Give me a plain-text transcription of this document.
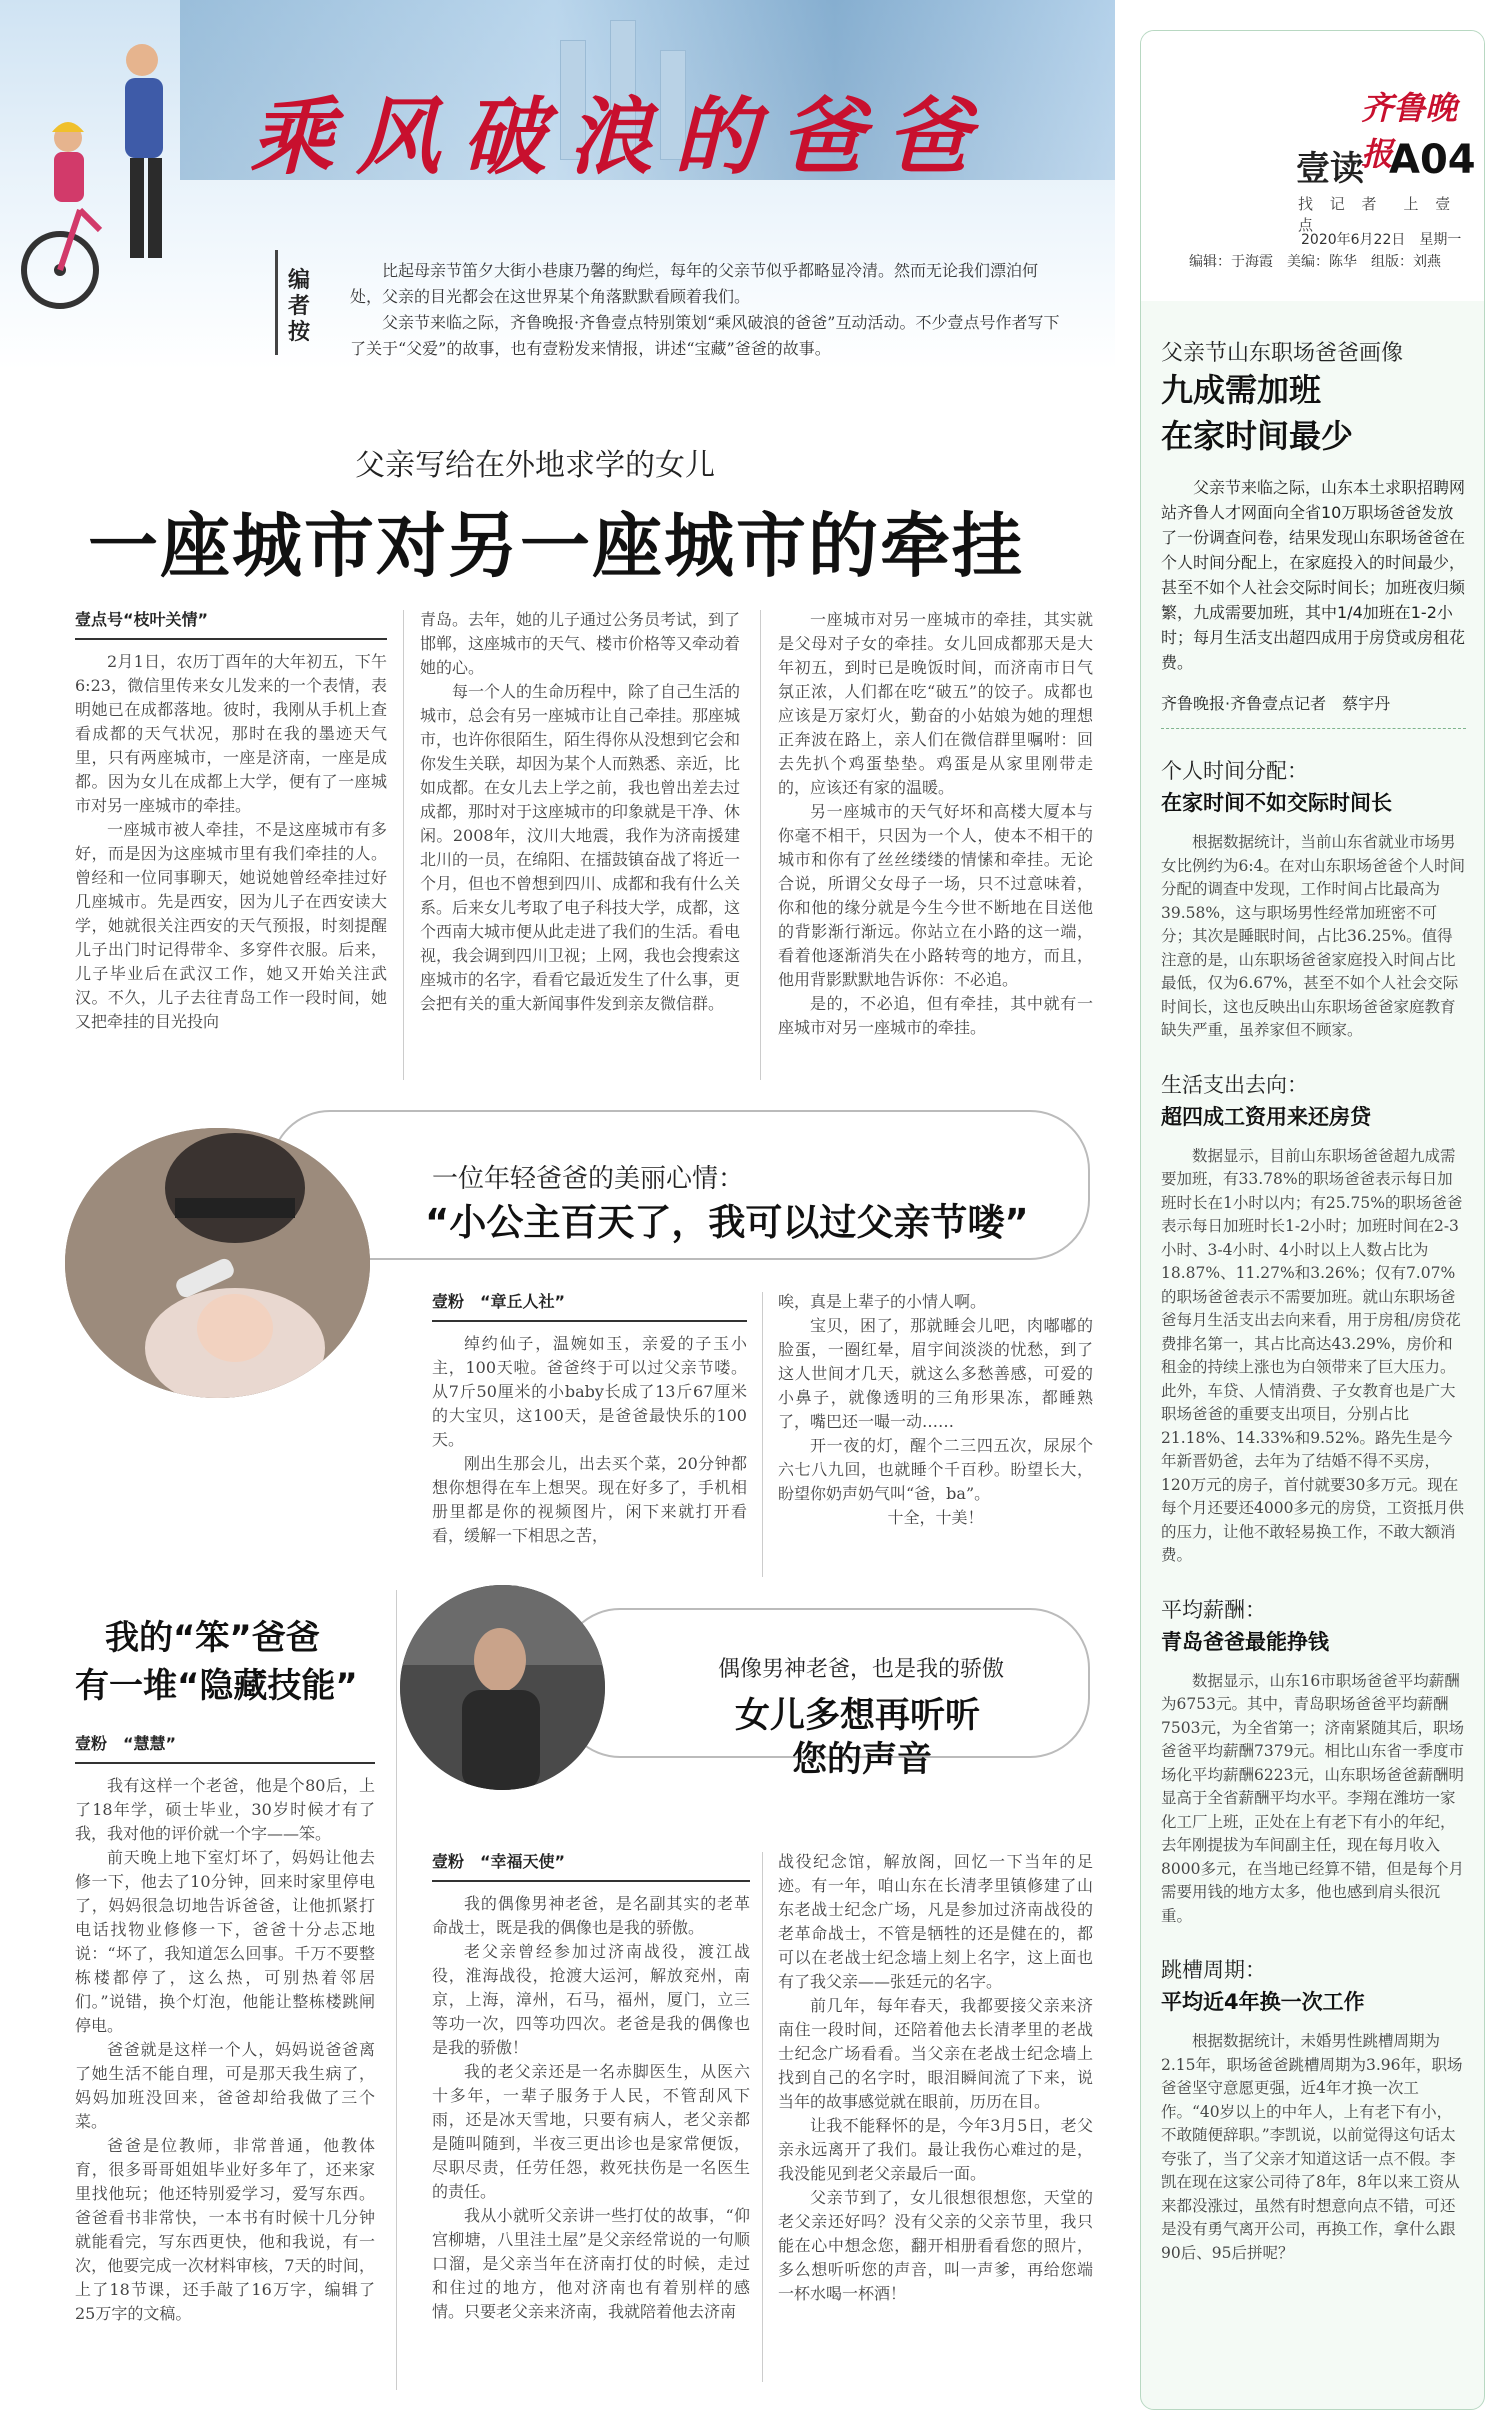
乘风破浪的爸爸
编者按

比起母亲节笛夕大街小巷康乃馨的绚烂，每年的父亲节似乎都略显冷清。然而无论我们漂泊何处，父亲的目光都会在这世界某个角落默默看顾着我们。

父亲节来临之际，齐鲁晚报·齐鲁壹点特别策划“乘风破浪的爸爸”互动活动。不少壹点号作者写下了关于“父爱”的故事，也有壹粉发来情报，讲述“宝藏”爸爸的故事。

齐鲁晚报
壹读 A04
找 记 者　上 壹 点
2020年6月22日　星期一
编辑：于海霞　美编：陈华　组版：刘燕
父亲节山东职场爸爸画像
九成需加班
在家时间最少
父亲节来临之际，山东本土求职招聘网站齐鲁人才网面向全省10万职场爸爸发放了一份调查问卷，结果发现山东职场爸爸在个人时间分配上，在家庭投入的时间最少，甚至不如个人社会交际时间长；加班夜归频繁，九成需要加班，其中1/4加班在1-2小时；每月生活支出超四成用于房贷或房租花费。
齐鲁晚报·齐鲁壹点记者　蔡宇丹
个人时间分配：
在家时间不如交际时间长

根据数据统计，当前山东省就业市场男女比例约为6:4。在对山东职场爸爸个人时间分配的调查中发现，工作时间占比最高为39.58%，这与职场男性经常加班密不可分；其次是睡眠时间，占比36.25%。值得注意的是，山东职场爸爸家庭投入时间占比最低，仅为6.67%，甚至不如个人社会交际时间长，这也反映出山东职场爸爸家庭教育缺失严重，虽养家但不顾家。

生活支出去向：
超四成工资用来还房贷

数据显示，目前山东职场爸爸超九成需要加班，有33.78%的职场爸爸表示每日加班时长在1小时以内；有25.75%的职场爸爸表示每日加班时长1-2小时；加班时间在2-3小时、3-4小时、4小时以上人数占比为18.87%、11.27%和3.26%；仅有7.07%的职场爸爸表示不需要加班。就山东职场爸爸每月生活支出去向来看，用于房租/房贷花费排名第一，其占比高达43.29%，房价和租金的持续上涨也为白领带来了巨大压力。此外，车贷、人情消费、子女教育也是广大职场爸爸的重要支出项目，分别占比21.18%、14.33%和9.52%。路先生是今年新晋奶爸，去年为了结婚不得不买房，120万元的房子，首付就要30多万元。现在每个月还要还4000多元的房贷，工资抵月供的压力，让他不敢轻易换工作，不敢大额消费。

平均薪酬：
青岛爸爸最能挣钱

数据显示，山东16市职场爸爸平均薪酬为6753元。其中，青岛职场爸爸平均薪酬7503元，为全省第一；济南紧随其后，职场爸爸平均薪酬7379元。相比山东省一季度市场化平均薪酬6223元，山东职场爸爸薪酬明显高于全省薪酬平均水平。李翔在潍坊一家化工厂上班，正处在上有老下有小的年纪，去年刚提拔为车间副主任，现在每月收入8000多元，在当地已经算不错，但是每个月需要用钱的地方太多，他也感到肩头很沉重。

跳槽周期：
平均近4年换一次工作

根据数据统计，未婚男性跳槽周期为2.15年，职场爸爸跳槽周期为3.96年，职场爸爸坚守意愿更强，近4年才换一次工作。“40岁以上的中年人，上有老下有小，不敢随便辞职。”李凯说，以前觉得这句话太夸张了，当了父亲才知道这话一点不假。李凯在现在这家公司待了8年，8年以来工资从来都没涨过，虽然有时想意向点不错，可还是没有勇气离开公司，再换工作，拿什么跟90后、95后拼呢？

父亲写给在外地求学的女儿
一座城市对另一座城市的牵挂
壹点号“枝叶关情”

2月1日，农历丁酉年的大年初五，下午6:23，微信里传来女儿发来的一个表情，表明她已在成都落地。彼时，我刚从手机上查看成都的天气状况，那时在我的墨迹天气里，只有两座城市，一座是济南，一座是成都。因为女儿在成都上大学，便有了一座城市对另一座城市的牵挂。

一座城市被人牵挂，不是这座城市有多好，而是因为这座城市里有我们牵挂的人。曾经和一位同事聊天，她说她曾经牵挂过好几座城市。先是西安，因为儿子在西安读大学，她就很关注西安的天气预报，时刻提醒儿子出门时记得带伞、多穿件衣服。后来，儿子毕业后在武汉工作，她又开始关注武汉。不久，儿子去往青岛工作一段时间，她又把牵挂的目光投向

青岛。去年，她的儿子通过公务员考试，到了邯郸，这座城市的天气、楼市价格等又牵动着她的心。

每一个人的生命历程中，除了自己生活的城市，总会有另一座城市让自己牵挂。那座城市，也许你很陌生，陌生得你从没想到它会和你发生关联，却因为某个人而熟悉、亲近，比如成都。在女儿去上学之前，我也曾出差去过成都，那时对于这座城市的印象就是干净、休闲。2008年，汶川大地震，我作为济南援建北川的一员，在绵阳、在擂鼓镇奋战了将近一个月，但也不曾想到四川、成都和我有什么关系。后来女儿考取了电子科技大学，成都，这个西南大城市便从此走进了我们的生活。看电视，我会调到四川卫视；上网，我也会搜索这座城市的名字，看看它最近发生了什么事，更会把有关的重大新闻事件发到亲友微信群。

一座城市对另一座城市的牵挂，其实就是父母对子女的牵挂。女儿回成都那天是大年初五，到时已是晚饭时间，而济南市日气氛正浓，人们都在吃“破五”的饺子。成都也应该是万家灯火，勤奋的小姑娘为她的理想正奔波在路上，亲人们在微信群里嘱咐：回去先扒个鸡蛋垫垫。鸡蛋是从家里刚带走的，应该还有家的温暖。

另一座城市的天气好坏和高楼大厦本与你毫不相干，只因为一个人，使本不相干的城市和你有了丝丝缕缕的情愫和牵挂。无论合说，所谓父女母子一场，只不过意味着，你和他的缘分就是今生今世不断地在目送他的背影渐行渐远。你站立在小路的这一端，看着他逐渐消失在小路转弯的地方，而且，他用背影默默地告诉你：不必追。

是的，不必追，但有牵挂，其中就有一座城市对另一座城市的牵挂。

一位年轻爸爸的美丽心情：
“小公主百天了，我可以过父亲节喽”
壹粉　“章丘人社”

绰约仙子，温婉如玉，亲爱的子玉小主，100天啦。爸爸终于可以过父亲节喽。从7斤50厘米的小baby长成了13斤67厘米的大宝贝，这100天，是爸爸最快乐的100天。

刚出生那会儿，出去买个菜，20分钟都想你想得在车上想哭。现在好多了，手机相册里都是你的视频图片，闲下来就打开看看，缓解一下相思之苦，

唉，真是上辈子的小情人啊。

宝贝，困了，那就睡会儿吧，肉嘟嘟的脸蛋，一圈红晕，眉宇间淡淡的忧愁，到了这人世间才几天，就这么多愁善感，可爱的小鼻子，就像透明的三角形果冻，都睡熟了，嘴巴还一嘬一动……

开一夜的灯，醒个二三四五次，尿尿个六七八九回，也就睡个千百秒。盼望长大，盼望你奶声奶气叫“爸，ba”。

十全，十美！

我的“笨”爸爸
有一堆“隐藏技能”
壹粉　“慧慧”

我有这样一个老爸，他是个80后，上了18年学，硕士毕业，30岁时候才有了我，我对他的评价就一个字——笨。

前天晚上地下室灯坏了，妈妈让他去修一下，他去了10分钟，回来时家里停电了，妈妈很急切地告诉爸爸，让他抓紧打电话找物业修修一下，爸爸十分忐忑地说：“坏了，我知道怎么回事。千万不要整栋楼都停了，这么热，可别热着邻居们。”说错，换个灯泡，他能让整栋楼跳闸停电。

爸爸就是这样一个人，妈妈说爸爸离了她生活不能自理，可是那天我生病了，妈妈加班没回来，爸爸却给我做了三个菜。

爸爸是位教师，非常普通，他教体育，很多哥哥姐姐毕业好多年了，还来家里找他玩；他还特别爱学习，爱写东西。爸爸看书非常快，一本书有时候十几分钟就能看完，写东西更快，他和我说，有一次，他要完成一次材料审核，7天的时间，上了18节课，还手敲了16万字，编辑了25万字的文稿。

偶像男神老爸，也是我的骄傲
女儿多想再听听
您的声音
壹粉　“幸福天使”

我的偶像男神老爸，是名副其实的老革命战士，既是我的偶像也是我的骄傲。

老父亲曾经参加过济南战役，渡江战役，淮海战役，抢渡大运河，解放兖州，南京，上海，漳州，石马，福州，厦门，立三等功一次，四等功四次。老爸是我的偶像也是我的骄傲！

我的老父亲还是一名赤脚医生，从医六十多年，一辈子服务于人民，不管刮风下雨，还是冰天雪地，只要有病人，老父亲都是随叫随到，半夜三更出诊也是家常便饭，尽职尽责，任劳任怨，救死扶伤是一名医生的责任。

我从小就听父亲讲一些打仗的故事，“仰宫柳塘，八里洼土屋”是父亲经常说的一句顺口溜，是父亲当年在济南打仗的时候，走过和住过的地方，他对济南也有着别样的感情。只要老父亲来济南，我就陪着他去济南

战役纪念馆，解放阁，回忆一下当年的足迹。有一年，咱山东在长清孝里镇修建了山东老战士纪念广场，凡是参加过济南战役的老革命战士，不管是牺牲的还是健在的，都可以在老战士纪念墙上刻上名字，这上面也有了我父亲——张廷元的名字。

前几年，每年春天，我都要接父亲来济南住一段时间，还陪着他去长清孝里的老战士纪念广场看看。当父亲在老战士纪念墙上找到自己的名字时，眼泪瞬间流了下来，说当年的故事感觉就在眼前，历历在目。

让我不能释怀的是，今年3月5日，老父亲永远离开了我们。最让我伤心难过的是，我没能见到老父亲最后一面。

父亲节到了，女儿很想很想您，天堂的老父亲还好吗？没有父亲的父亲节里，我只能在心中想念您，翻开相册看看您的照片，多么想听听您的声音，叫一声爹，再给您端一杯水喝一杯酒！
